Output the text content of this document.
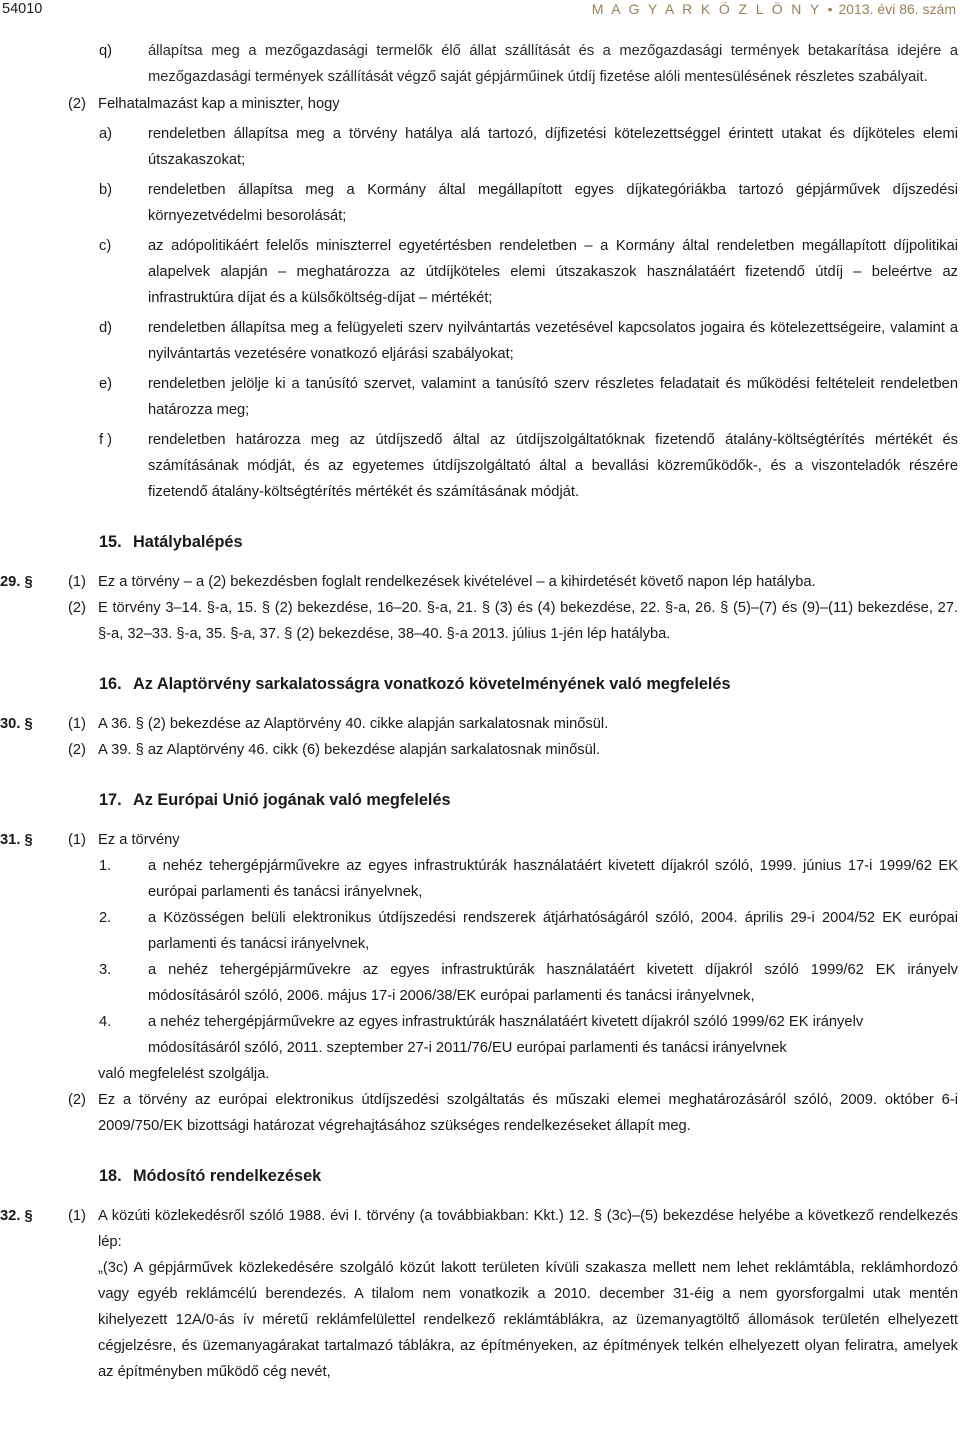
54010	M A G Y A R K Ö Z L Ö N Y • 2013. évi 86. szám
q) állapítsa meg a mezőgazdasági termelők élő állat szállítását és a mezőgazdasági termények betakarítása idejére a mezőgazdasági termények szállítását végző saját gépjárműinek útdíj fizetése alóli mentesülésének részletes szabályait.

(2) Felhatalmazást kap a miniszter, hogy

a) rendeletben állapítsa meg a törvény hatálya alá tartozó, díjfizetési kötelezettséggel érintett utakat és díjköteles elemi útszakaszokat;

b) rendeletben állapítsa meg a Kormány által megállapított egyes díjkategóriákba tartozó gépjárművek díjszedési környezetvédelmi besorolását;

c)	az adópolitikáért felelős miniszterrel egyetértésben rendeletben – a Kormány által rendeletben megállapított díjpolitikai alapelvek alapján – meghatározza az útdíjköteles elemi útszakaszok használatáért fizetendő útdíj – beleértve az infrastruktúra díjat és a külsőköltség-díjat – mértékét;

d) rendeletben állapítsa meg a felügyeleti szerv nyilvántartás vezetésével kapcsolatos jogaira és kötelezettségeire, valamint a nyilvántartás vezetésére vonatkozó eljárási szabályokat;

e) rendeletben jelölje ki a tanúsító szervet, valamint a tanúsító szerv részletes feladatait és működési feltételeit rendeletben határozza meg;

f ) rendeletben határozza meg az útdíjszedő által az útdíjszolgáltatóknak fizetendő átalány-költségtérítés mértékét és számításának módját, és az egyetemes útdíjszolgáltató által a bevallási közreműködők-, és a viszonteladók részére fizetendő átalány-költségtérítés mértékét és számításának módját.

15. Hatálybalépés
29. § (1) Ez a törvény – a (2) bekezdésben foglalt rendelkezések kivételével – a kihirdetését követő napon lép hatályba.

(2) E törvény 3–14. §-a, 15. § (2) bekezdése, 16–20. §-a, 21. § (3) és (4) bekezdése, 22. §-a, 26. § (5)–(7) és (9)–(11) bekezdése, 27. §-a, 32–33. §-a, 35. §-a, 37. § (2) bekezdése, 38–40. §-a 2013. július 1-jén lép hatályba.

16. Az Alaptörvény sarkalatosságra vonatkozó követelményének való megfelelés
30. § (1) A 36. § (2) bekezdése az Alaptörvény 40. cikke alapján sarkalatosnak minősül.

(2) A 39. § az Alaptörvény 46. cikk (6) bekezdése alapján sarkalatosnak minősül.

17. Az Európai Unió jogának való megfelelés
31. § (1) Ez a törvény

1.	a nehéz tehergépjárművekre az egyes infrastruktúrák használatáért kivetett díjakról szóló, 1999. június 17-i 1999/62 EK európai parlamenti és tanácsi irányelvnek,

2.	a Közösségen belüli elektronikus útdíjszedési rendszerek átjárhatóságáról szóló, 2004. április 29-i 2004/52 EK európai parlamenti és tanácsi irányelvnek,

3.	a nehéz tehergépjárművekre az egyes infrastruktúrák használatáért kivetett díjakról szóló 1999/62 EK irányelv módosításáról szóló, 2006. május 17-i 2006/38/EK európai parlamenti és tanácsi irányelvnek,

4.	a nehéz tehergépjárművekre az egyes infrastruktúrák használatáért kivetett díjakról szóló 1999/62 EK irányelv módosításáról szóló, 2011. szeptember 27-i 2011/76/EU európai parlamenti és tanácsi irányelvnek

való megfelelést szolgálja.

(2) Ez a törvény az európai elektronikus útdíjszedési szolgáltatás és műszaki elemei meghatározásáról szóló, 2009. október 6-i 2009/750/EK bizottsági határozat végrehajtásához szükséges rendelkezéseket állapít meg.

18. Módosító rendelkezések
32. § (1) A közúti közlekedésről szóló 1988. évi I. törvény (a továbbiakban: Kkt.) 12. § (3c)–(5) bekezdése helyébe a következő rendelkezés lép:

„(3c) A gépjárművek közlekedésére szolgáló közút lakott területen kívüli szakasza mellett nem lehet reklámtábla, reklámhordozó vagy egyéb reklámcélú berendezés. A tilalom nem vonatkozik a 2010. december 31-éig a nem gyorsforgalmi utak mentén kihelyezett 12A/0-ás ív méretű reklámfelülettel rendelkező reklámtáblákra, az üzemanyagtöltő állomások területén elhelyezett cégjelzésre, és üzemanyagárakat tartalmazó táblákra, az építményeken, az építmények telkén elhelyezett olyan feliratra, amelyek az építményben működő cég nevét,
